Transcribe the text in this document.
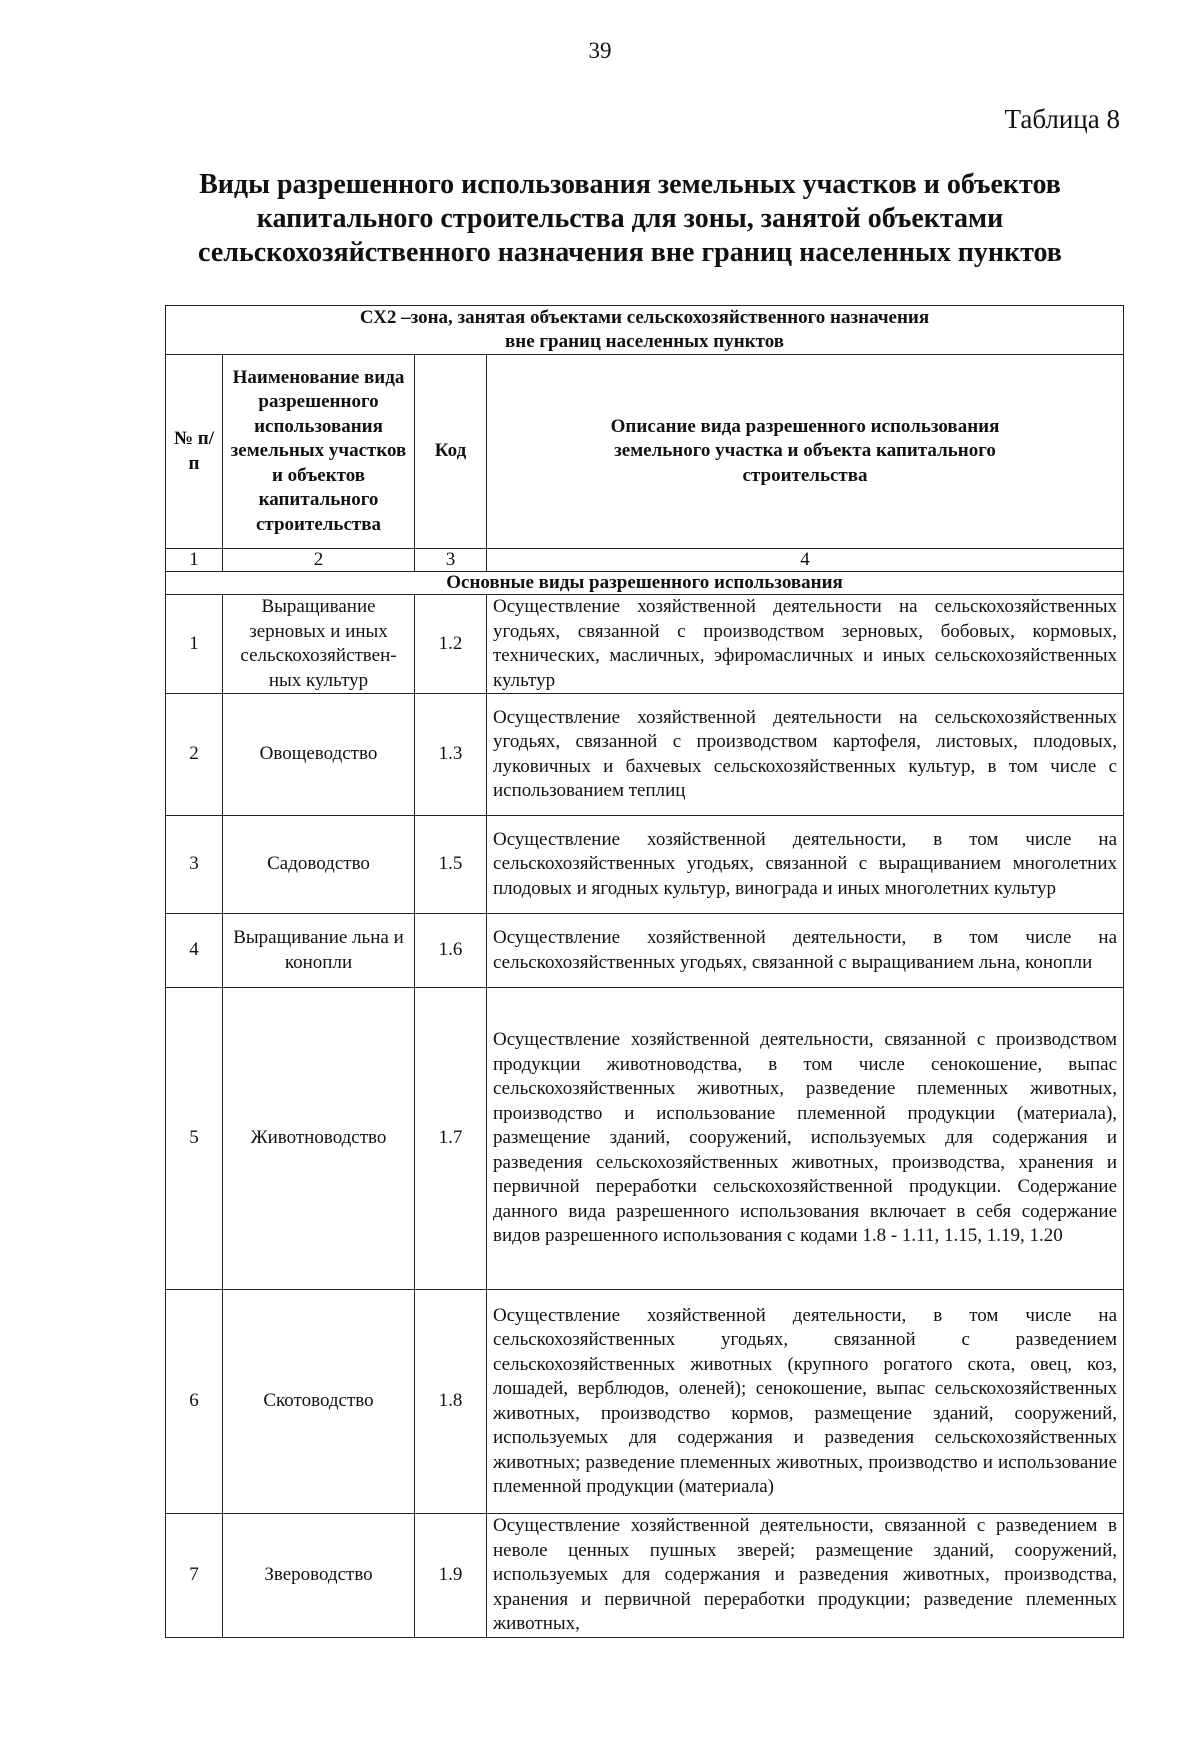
39
Таблица 8
Виды разрешенного использования земельных участков и объектов
капитального строительства для зоны, занятой объектами
сельскохозяйственного назначения вне границ населенных пунктов
СХ2 –зона, занятая объектами сельскохозяйственного назначения
вне границ населенных пунктов			

№ п/п	Наименование вида разрешенного использования земельных участков и объектов капитального строительства	Код	Описание вида разрешенного использования земельного участка и объекта капитального строительства
1	2	3	4
Основные виды разрешенного использования			
1	Выращивание зерновых и иных сельскохозяйствен-ных культур	1.2	Осуществление хозяйственной деятельности на сельскохозяйственных угодьях, связанной с производством зерновых, бобовых, кормовых, технических, масличных, эфиромасличных и иных сельскохозяйственных культур
2	Овощеводство	1.3	Осуществление хозяйственной деятельности на сельскохозяйственных угодьях, связанной с производством картофеля, листовых, плодовых, луковичных и бахчевых сельскохозяйственных культур, в том числе с использованием теплиц
3	Садоводство	1.5	Осуществление хозяйственной деятельности, в том числе на сельскохозяйственных угодьях, связанной с выращиванием многолетних плодовых и ягодных культур, винограда и иных многолетних культур
4	Выращивание льна и конопли	1.6	Осуществление хозяйственной деятельности, в том числе на сельскохозяйственных угодьях, связанной с выращиванием льна, конопли
5	Животноводство	1.7	Осуществление хозяйственной деятельности, связанной с производством продукции животноводства, в том числе сенокошение, выпас сельскохозяйственных животных, разведение племенных животных, производство и использование племенной продукции (материала), размещение зданий, сооружений, используемых для содержания и разведения сельскохозяйственных животных, производства, хранения и первичной переработки сельскохозяйственной продукции. Содержание данного вида разрешенного использования включает в себя содержание видов разрешенного использования с кодами 1.8 - 1.11, 1.15, 1.19, 1.20
6	Скотоводство	1.8	Осуществление хозяйственной деятельности, в том числе на сельскохозяйственных угодьях, связанной с разведением сельскохозяйственных животных (крупного рогатого скота, овец, коз, лошадей, верблюдов, оленей); сенокошение, выпас сельскохозяйственных животных, производство кормов, размещение зданий, сооружений, используемых для содержания и разведения сельскохозяйственных животных; разведение племенных животных, производство и использование племенной продукции (материала)
7	Звероводство	1.9	Осуществление хозяйственной деятельности, связанной с разведением в неволе ценных пушных зверей; размещение зданий, сооружений, используемых для содержания и разведения животных, производства, хранения и первичной переработки продукции; разведение племенных животных,
